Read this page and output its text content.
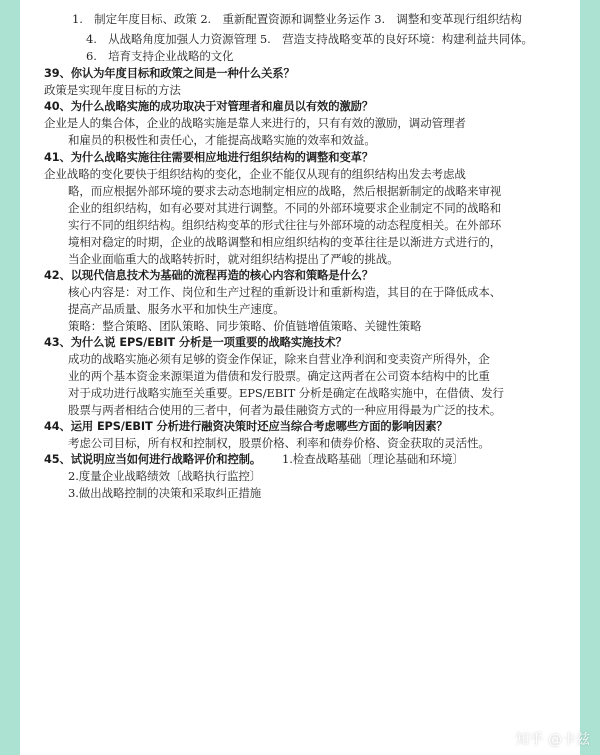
1.　制定年度目标、政策 2.　重新配置资源和调整业务运作 3.　调整和变革现行组织结构
4.　从战略角度加强人力资源管理 5.　营造支持战略变革的良好环境：构建利益共同体。
6.　培育支持企业战略的文化
39、你认为年度目标和政策之间是一种什么关系？
政策是实现年度目标的方法
40、为什么战略实施的成功取决于对管理者和雇员以有效的激励？
企业是人的集合体，企业的战略实施是靠人来进行的，只有有效的激励，调动管理者
和雇员的积极性和责任心，才能提高战略实施的效率和效益。
41、为什么战略实施往往需要相应地进行组织结构的调整和变革？
企业战略的变化要快于组织结构的变化，企业不能仅从现有的组织结构出发去考虑战
略，而应根据外部环境的要求去动态地制定相应的战略，然后根据新制定的战略来审视
企业的组织结构，如有必要对其进行调整。不同的外部环境要求企业制定不同的战略和
实行不同的组织结构。组织结构变革的形式往往与外部环境的动态程度相关。在外部环
境相对稳定的时期，企业的战略调整和相应组织结构的变革往往是以渐进方式进行的，
当企业面临重大的战略转折时，就对组织结构提出了严峻的挑战。
42、以现代信息技术为基础的流程再造的核心内容和策略是什么？
核心内容是：对工作、岗位和生产过程的重新设计和重新构造，其目的在于降低成本、
提高产品质量、服务水平和加快生产速度。
策略：整合策略、团队策略、同步策略、价值链增值策略、关键性策略
43、为什么说 EPS/EBIT 分析是一项重要的战略实施技术？
成功的战略实施必须有足够的资金作保证，除来自营业净利润和变卖资产所得外，企
业的两个基本资金来源渠道为借债和发行股票。确定这两者在公司资本结构中的比重
对于成功进行战略实施至关重要。EPS/EBIT 分析是确定在战略实施中，在借债、发行
股票与两者相结合使用的三者中，何者为最佳融资方式的一种应用得最为广泛的技术。
44、运用 EPS/EBIT 分析进行融资决策时还应当综合考虑哪些方面的影响因素？
考虑公司目标，所有权和控制权，股票价格、利率和债券价格、资金获取的灵活性。
45、试说明应当如何进行战略评价和控制。 1.检查战略基础〔理论基础和环境〕
2.度量企业战略绩效〔战略执行监控〕
3.做出战略控制的决策和采取纠正措施
知乎 @卡兹
